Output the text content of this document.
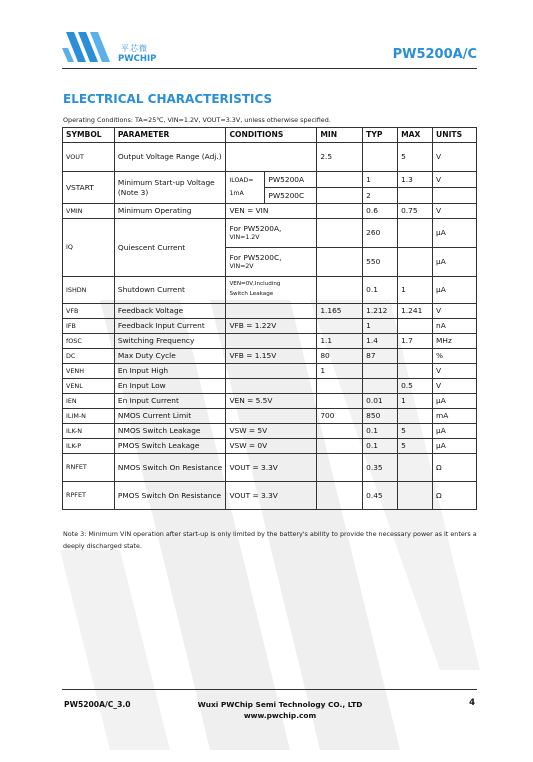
平芯微
PWCHIP	PW5200A/C
ELECTRICAL CHARACTERISTICS
Operating Conditions: TA=25℃, VIN=1.2V, VOUT=3.3V, unless otherwise specified.
SYMBOL	PARAMETER	CONDITIONS		MIN	TYP	MAX	UNITS
VOUT	Output Voltage Range (Adj.)			2.5		5	V
VSTART	Minimum Start-up Voltage (Note 3)	ILOAD=
1mA	PW5200A		1	1.3	V
			PW5200C		2		
VMIN	Minimum Operating	VEN = VIN			0.6	0.75	V
IQ	Quiescent Current	For PW5200A,
VIN=1.2V			260		μA

		For PW5200C,
VIN=2V			550		μA
ISHDN	Shutdown Current	VEN=0V,Including
Switch Leakage			0.1	1	μA
VFB	Feedback Voltage			1.165	1.212	1.241	V
IFB	Feedback Input Current	VFB = 1.22V			1		nA
fOSC	Switching Frequency			1.1	1.4	1.7	MHz
DC	Max Duty Cycle	VFB = 1.15V		80	87		%
VENH	En Input High			1			V
VENL	En Input Low					0.5	V
IEN	En Input Current	VEN = 5.5V			0.01	1	μA
ILIM-N	NMOS Current Limit			700	850		mA
ILK-N	NMOS Switch Leakage	VSW = 5V			0.1	5	μA
ILK-P	PMOS Switch Leakage	VSW = 0V			0.1	5	μA
RNFET	NMOS Switch On Resistance	VOUT = 3.3V			0.35		Ω
RPFET	PMOS Switch On Resistance	VOUT = 3.3V			0.45		Ω
Note 3: Minimum VIN operation after start-up is only limited by the battery's ability to provide the necessary power as it enters a deeply discharged state.
PW5200A/C_3.0	Wuxi PWChip Semi Technology CO., LTD
www.pwchip.com
4
